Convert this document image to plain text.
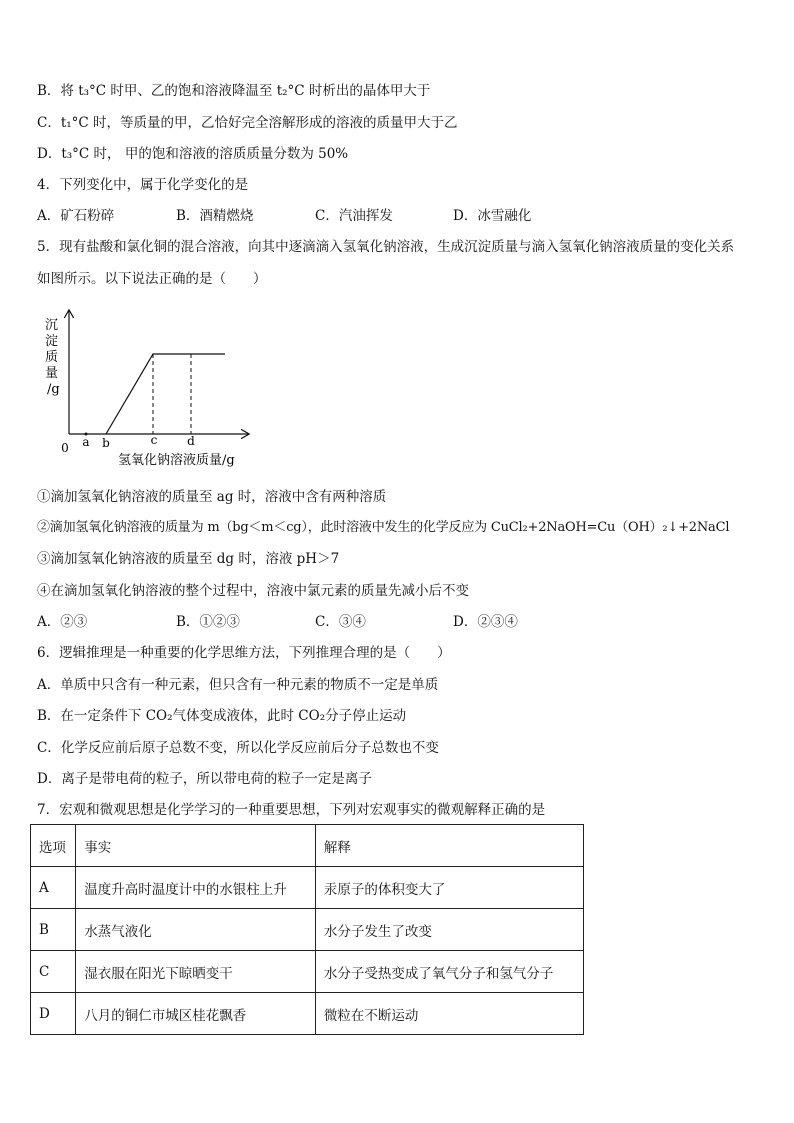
B．将 t₃°C 时甲、乙的饱和溶液降温至 t₂°C 时析出的晶体甲大于
C．t₁°C 时，等质量的甲，乙恰好完全溶解形成的溶液的质量甲大于乙
D．t₃°C 时， 甲的饱和溶液的溶质质量分数为 50%
4．下列变化中，属于化学变化的是
A．矿石粉碎	B．酒精燃烧	C．汽油挥发	D．冰雪融化
5．现有盐酸和氯化铜的混合溶液，向其中逐滴滴入氢氧化钠溶液，生成沉淀质量与滴入氢氧化钠溶液质量的变化关系
如图所示。以下说法正确的是（　　）
沉
淀
质
量
/g
0 a b	c d
氢氧化钠溶液质量/g
①滴加氢氧化钠溶液的质量至 ag 时，溶液中含有两种溶质
②滴加氢氧化钠溶液的质量为 m（bg＜m＜cg），此时溶液中发生的化学反应为 CuCl₂+2NaOH=Cu（OH）₂↓+2NaCl
③滴加氢氧化钠溶液的质量至 dg 时，溶液 pH＞7
④在滴加氢氧化钠溶液的整个过程中，溶液中氯元素的质量先减小后不变
A．②③	B．①②③	C．③④	D．②③④
6．逻辑推理是一种重要的化学思维方法，下列推理合理的是（　　）
A．单质中只含有一种元素，但只含有一种元素的物质不一定是单质
B．在一定条件下 CO₂气体变成液体，此时 CO₂分子停止运动
C．化学反应前后原子总数不变，所以化学反应前后分子总数也不变
D．离子是带电荷的粒子，所以带电荷的粒子一定是离子
7．宏观和微观思想是化学学习的一种重要思想，下列对宏观事实的微观解释正确的是
选项	事实	解释
A	温度升高时温度计中的水银柱上升	汞原子的体积变大了
B	水蒸气液化	水分子发生了改变
C	湿衣服在阳光下晾晒变干	水分子受热变成了氧气分子和氢气分子
D	八月的铜仁市城区桂花飘香	微粒在不断运动
